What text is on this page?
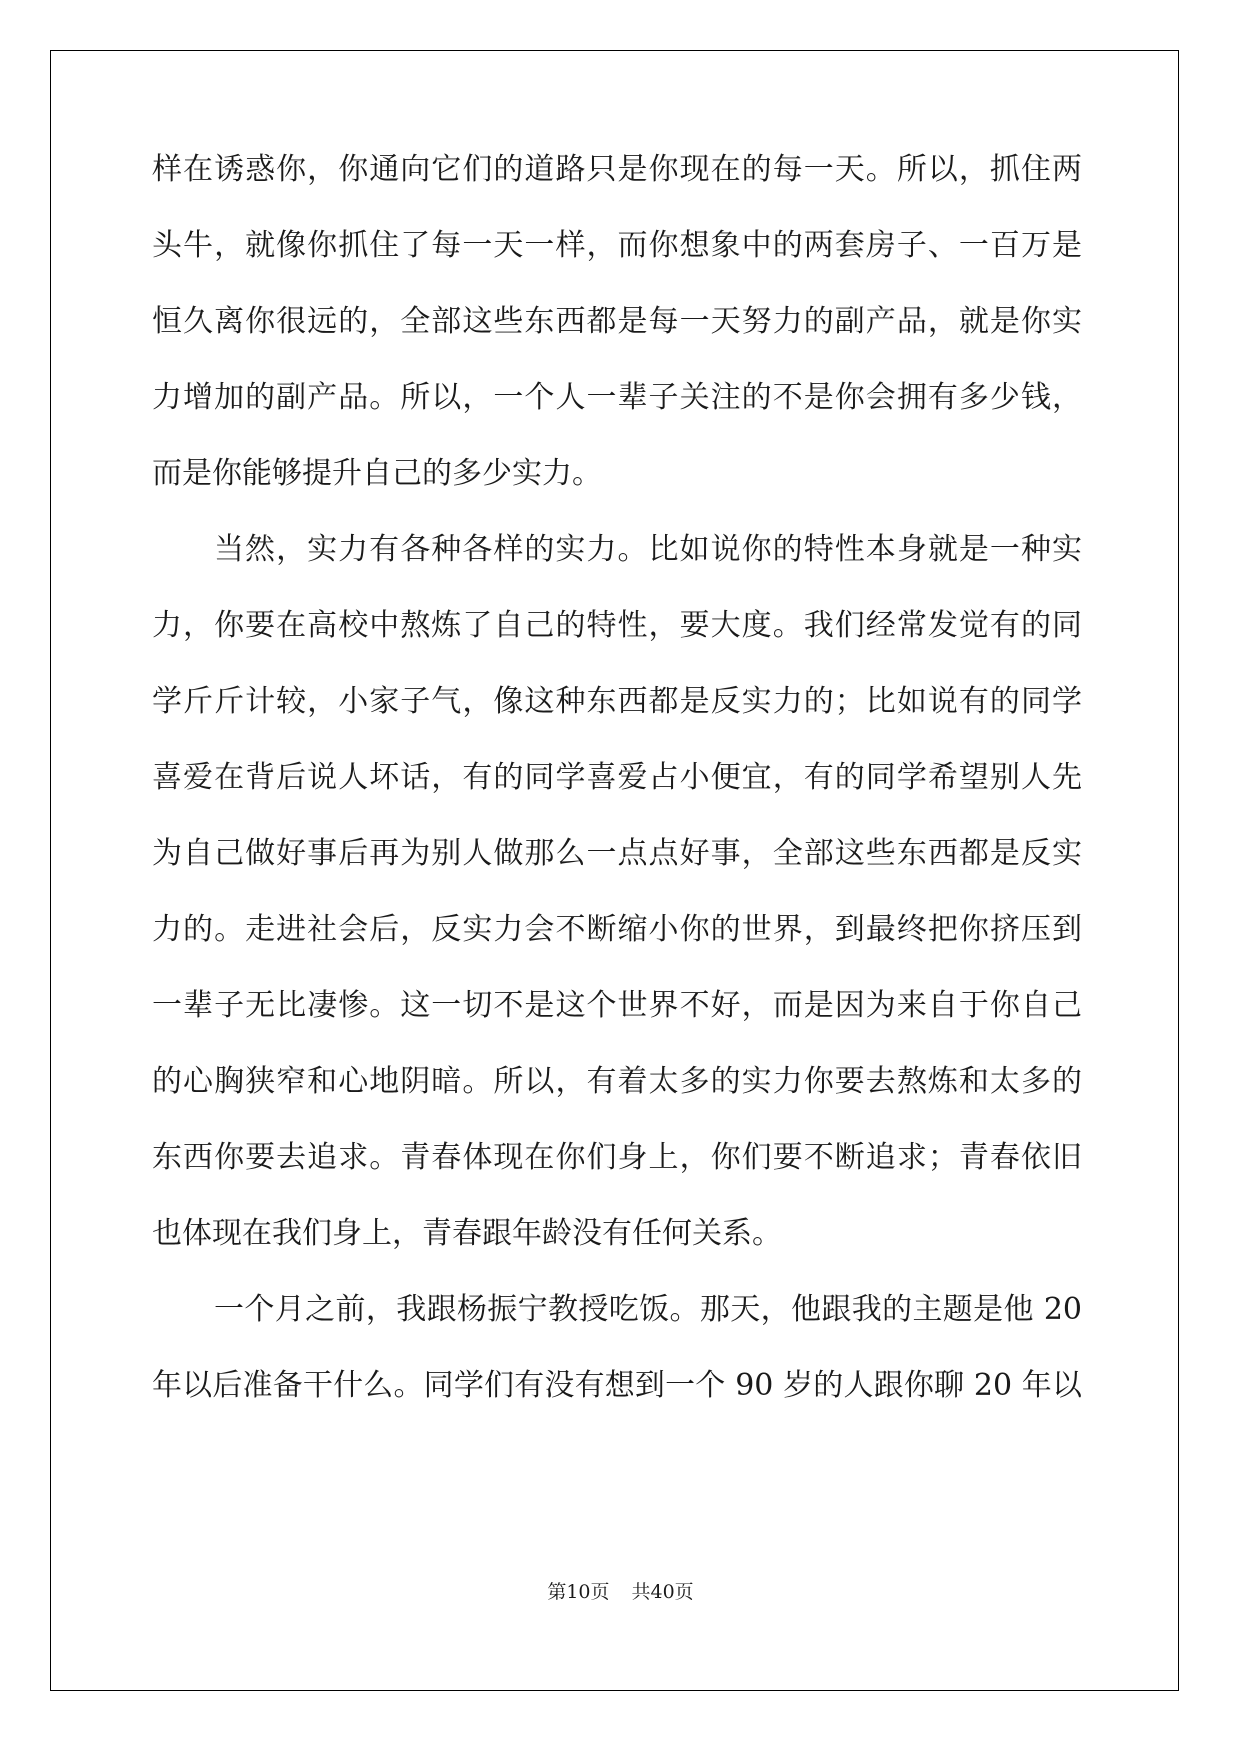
样在诱惑你，你通向它们的道路只是你现在的每一天。所以，抓住两
头牛，就像你抓住了每一天一样，而你想象中的两套房子、一百万是
恒久离你很远的，全部这些东西都是每一天努力的副产品，就是你实
力增加的副产品。所以，一个人一辈子关注的不是你会拥有多少钱，
而是你能够提升自己的多少实力。
当然，实力有各种各样的实力。比如说你的特性本身就是一种实
力，你要在高校中熬炼了自己的特性，要大度。我们经常发觉有的同
学斤斤计较，小家子气，像这种东西都是反实力的；比如说有的同学
喜爱在背后说人坏话，有的同学喜爱占小便宜，有的同学希望别人先
为自己做好事后再为别人做那么一点点好事，全部这些东西都是反实
力的。走进社会后，反实力会不断缩小你的世界，到最终把你挤压到
一辈子无比凄惨。这一切不是这个世界不好，而是因为来自于你自己
的心胸狭窄和心地阴暗。所以，有着太多的实力你要去熬炼和太多的
东西你要去追求。青春体现在你们身上，你们要不断追求；青春依旧
也体现在我们身上，青春跟年龄没有任何关系。
一个月之前，我跟杨振宁教授吃饭。那天，他跟我的主题是他 20
年以后准备干什么。同学们有没有想到一个 90 岁的人跟你聊 20 年以
第10页 共40页
